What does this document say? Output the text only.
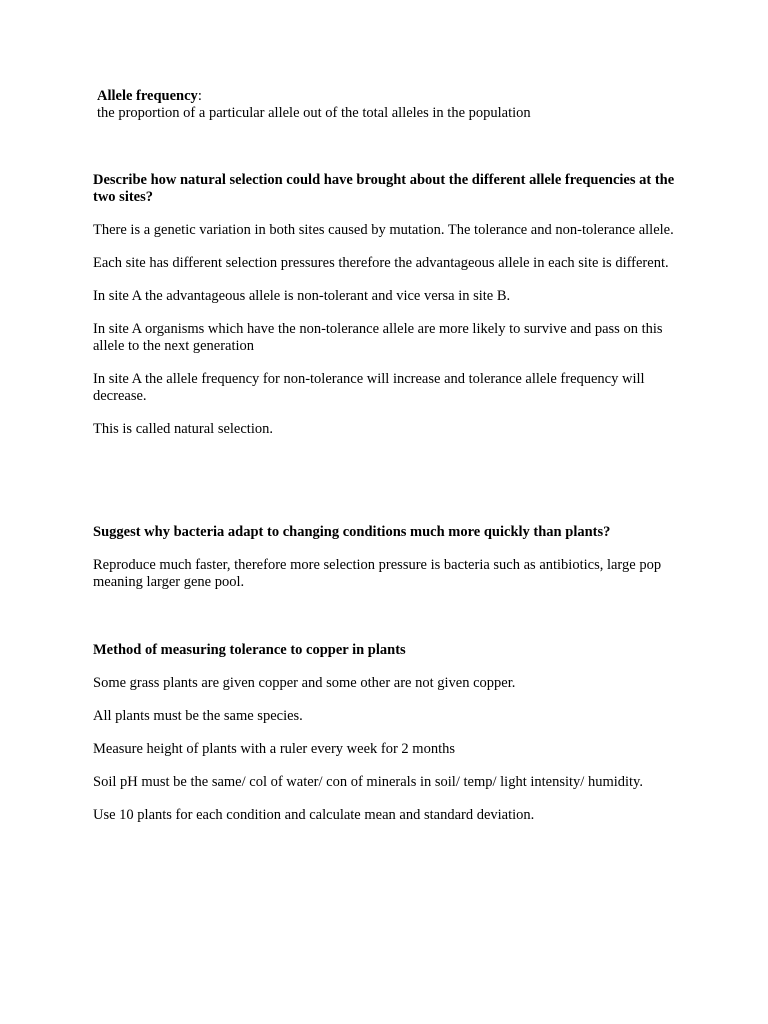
Allele frequency:
the proportion of a particular allele out of the total alleles in the population

Describe how natural selection could have brought about the different allele frequencies at the two sites?

There is a genetic variation in both sites caused by mutation. The tolerance and non-tolerance allele.

Each site has different selection pressures therefore the advantageous allele in each site is different.

In site A the advantageous allele is non-tolerant and vice versa in site B.

In site A organisms which have the non-tolerance allele are more likely to survive and pass on this allele to the next generation

In site A the allele frequency for non-tolerance will increase and tolerance allele frequency will decrease.

This is called natural selection.

Suggest why bacteria adapt to changing conditions much more quickly than plants?

Reproduce much faster, therefore more selection pressure is bacteria such as antibiotics, large pop meaning larger gene pool.

Method of measuring tolerance to copper in plants

Some grass plants are given copper and some other are not given copper.

All plants must be the same species.

Measure height of plants with a ruler every week for 2 months

Soil pH must be the same/ col of water/ con of minerals in soil/ temp/ light intensity/ humidity.

Use 10 plants for each condition and calculate mean and standard deviation.
